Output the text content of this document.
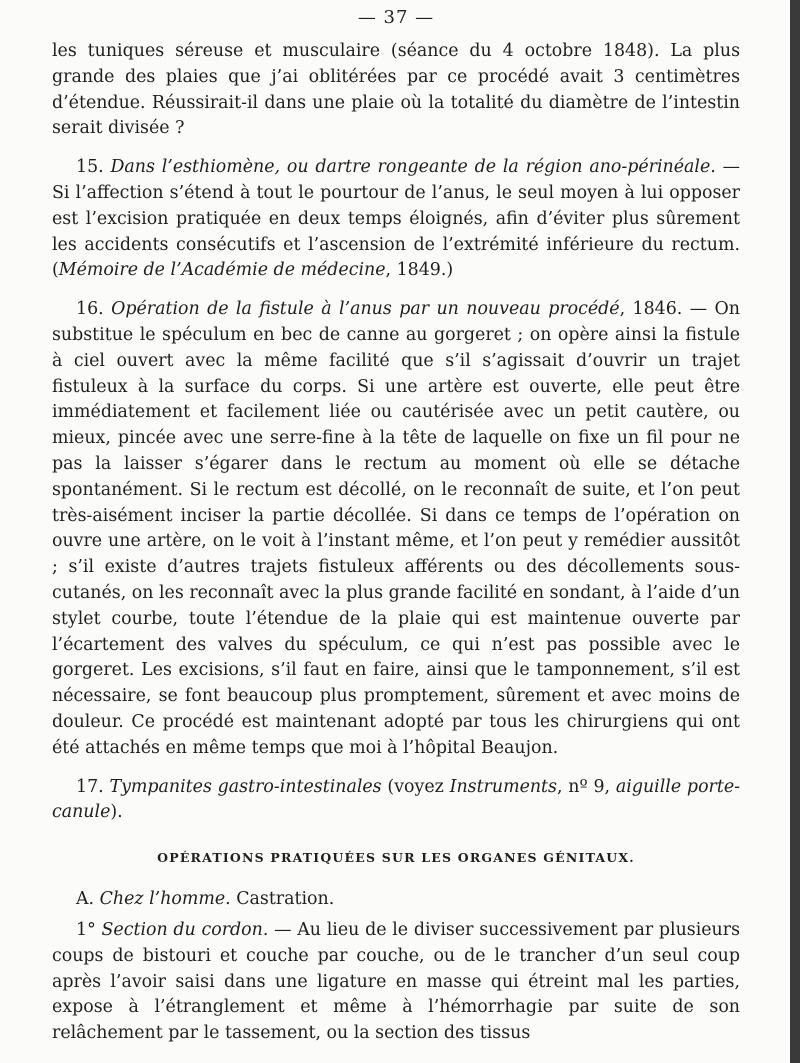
— 37 —

les tuniques séreuse et musculaire (séance du 4 octobre 1848). La plus grande des plaies que j’ai oblitérées par ce procédé avait 3 centimètres d’étendue. Réussirait-il dans une plaie où la totalité du diamètre de l’intestin serait divisée ?

15. Dans l’esthiomène, ou dartre rongeante de la région ano-périnéale. — Si l’affection s’étend à tout le pourtour de l’anus, le seul moyen à lui opposer est l’excision pratiquée en deux temps éloignés, afin d’éviter plus sûrement les accidents consécutifs et l’ascension de l’extrémité inférieure du rectum. (Mémoire de l’Académie de médecine, 1849.)

16. Opération de la fistule à l’anus par un nouveau procédé, 1846. — On substitue le spéculum en bec de canne au gorgeret ; on opère ainsi la fistule à ciel ouvert avec la même facilité que s’il s’agissait d’ouvrir un trajet fistuleux à la surface du corps. Si une artère est ouverte, elle peut être immédiatement et facilement liée ou cautérisée avec un petit cautère, ou mieux, pincée avec une serre-fine à la tête de laquelle on fixe un fil pour ne pas la laisser s’égarer dans le rectum au moment où elle se détache spontanément. Si le rectum est décollé, on le reconnaît de suite, et l’on peut très-aisément inciser la partie décollée. Si dans ce temps de l’opération on ouvre une artère, on le voit à l’instant même, et l’on peut y remédier aussitôt ; s’il existe d’autres trajets fistuleux afférents ou des décollements sous-cutanés, on les reconnaît avec la plus grande facilité en sondant, à l’aide d’un stylet courbe, toute l’étendue de la plaie qui est maintenue ouverte par l’écartement des valves du spéculum, ce qui n’est pas possible avec le gorgeret. Les excisions, s’il faut en faire, ainsi que le tamponnement, s’il est nécessaire, se font beaucoup plus promptement, sûrement et avec moins de douleur. Ce procédé est maintenant adopté par tous les chirurgiens qui ont été attachés en même temps que moi à l’hôpital Beaujon.

17. Tympanites gastro-intestinales (voyez Instruments, nº 9, aiguille porte-canule).

OPÉRATIONS PRATIQUÉES SUR LES ORGANES GÉNITAUX.

A. Chez l’homme. Castration.

1° Section du cordon. — Au lieu de le diviser successivement par plusieurs coups de bistouri et couche par couche, ou de le trancher d’un seul coup après l’avoir saisi dans une ligature en masse qui étreint mal les parties, expose à l’étranglement et même à l’hémorrhagie par suite de son relâchement par le tassement, ou la section des tissus
